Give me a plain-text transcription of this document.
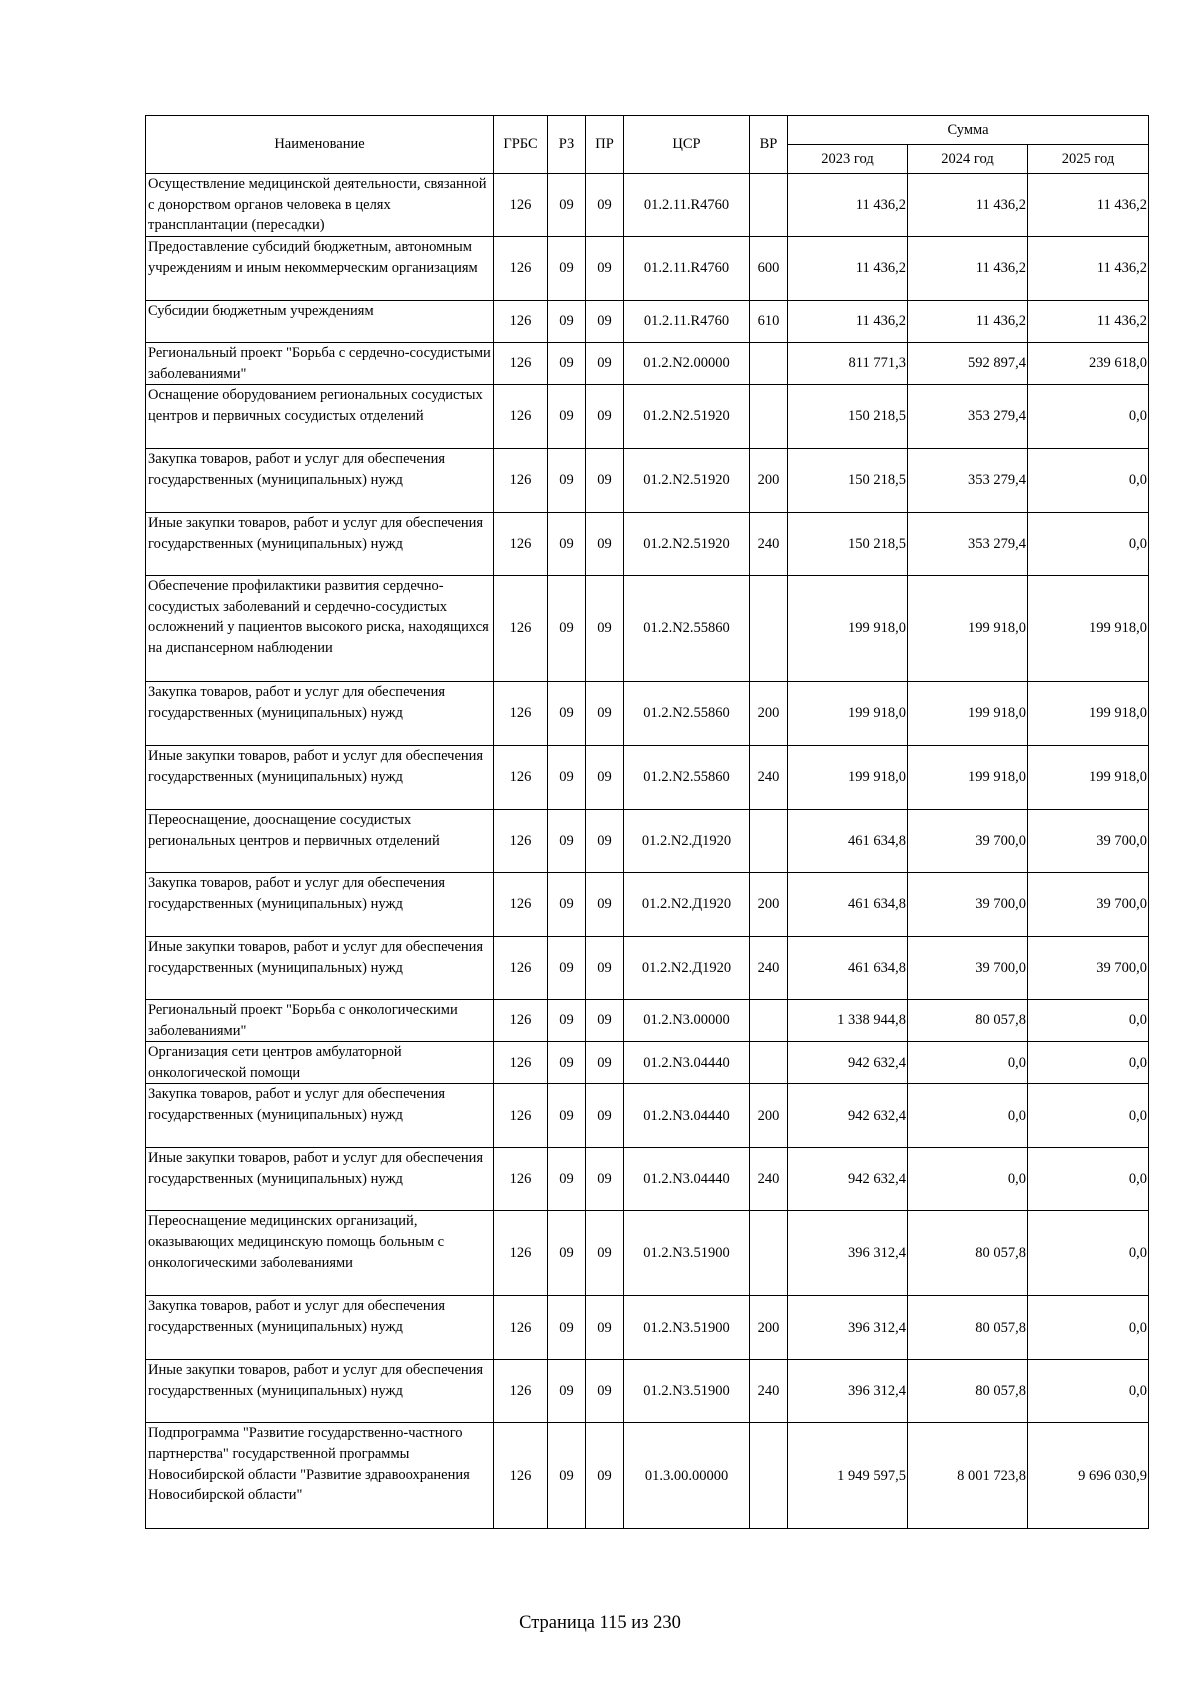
Наименование	ГРБС	РЗ	ПР	ЦСР	ВР	Сумма		
						2023 год	2024 год	2025 год
Осуществление медицинской деятельности, связанной с донорством органов человека в целях трансплантации (пересадки)	126	09	09	01.2.11.R4760		11 436,2	11 436,2	11 436,2
Предоставление субсидий бюджетным, автономным учреждениям и иным некоммерческим организациям	126	09	09	01.2.11.R4760	600	11 436,2	11 436,2	11 436,2
Субсидии бюджетным учреждениям	126	09	09	01.2.11.R4760	610	11 436,2	11 436,2	11 436,2
Региональный проект "Борьба с сердечно-сосудистыми заболеваниями"	126	09	09	01.2.N2.00000		811 771,3	592 897,4	239 618,0
Оснащение оборудованием региональных сосудистых центров и первичных сосудистых отделений	126	09	09	01.2.N2.51920		150 218,5	353 279,4	0,0
Закупка товаров, работ и услуг для обеспечения государственных (муниципальных) нужд	126	09	09	01.2.N2.51920	200	150 218,5	353 279,4	0,0
Иные закупки товаров, работ и услуг для обеспечения государственных (муниципальных) нужд	126	09	09	01.2.N2.51920	240	150 218,5	353 279,4	0,0
Обеспечение профилактики развития сердечно-сосудистых заболеваний и сердечно-сосудистых осложнений у пациентов высокого риска, находящихся на диспансерном наблюдении	126	09	09	01.2.N2.55860		199 918,0	199 918,0	199 918,0
Закупка товаров, работ и услуг для обеспечения государственных (муниципальных) нужд	126	09	09	01.2.N2.55860	200	199 918,0	199 918,0	199 918,0
Иные закупки товаров, работ и услуг для обеспечения государственных (муниципальных) нужд	126	09	09	01.2.N2.55860	240	199 918,0	199 918,0	199 918,0
Переоснащение, дооснащение сосудистых региональных центров и первичных отделений	126	09	09	01.2.N2.Д1920		461 634,8	39 700,0	39 700,0
Закупка товаров, работ и услуг для обеспечения государственных (муниципальных) нужд	126	09	09	01.2.N2.Д1920	200	461 634,8	39 700,0	39 700,0
Иные закупки товаров, работ и услуг для обеспечения государственных (муниципальных) нужд	126	09	09	01.2.N2.Д1920	240	461 634,8	39 700,0	39 700,0
Региональный проект "Борьба с онкологическими заболеваниями"	126	09	09	01.2.N3.00000		1 338 944,8	80 057,8	0,0
Организация сети центров амбулаторной онкологической помощи	126	09	09	01.2.N3.04440		942 632,4	0,0	0,0
Закупка товаров, работ и услуг для обеспечения государственных (муниципальных) нужд	126	09	09	01.2.N3.04440	200	942 632,4	0,0	0,0
Иные закупки товаров, работ и услуг для обеспечения государственных (муниципальных) нужд	126	09	09	01.2.N3.04440	240	942 632,4	0,0	0,0
Переоснащение медицинских организаций, оказывающих медицинскую помощь больным с онкологическими заболеваниями	126	09	09	01.2.N3.51900		396 312,4	80 057,8	0,0
Закупка товаров, работ и услуг для обеспечения государственных (муниципальных) нужд	126	09	09	01.2.N3.51900	200	396 312,4	80 057,8	0,0
Иные закупки товаров, работ и услуг для обеспечения государственных (муниципальных) нужд	126	09	09	01.2.N3.51900	240	396 312,4	80 057,8	0,0
Подпрограмма "Развитие государственно-частного партнерства" государственной программы Новосибирской области "Развитие здравоохранения Новосибирской области"	126	09	09	01.3.00.00000		1 949 597,5	8 001 723,8	9 696 030,9
Страница 115 из 230
